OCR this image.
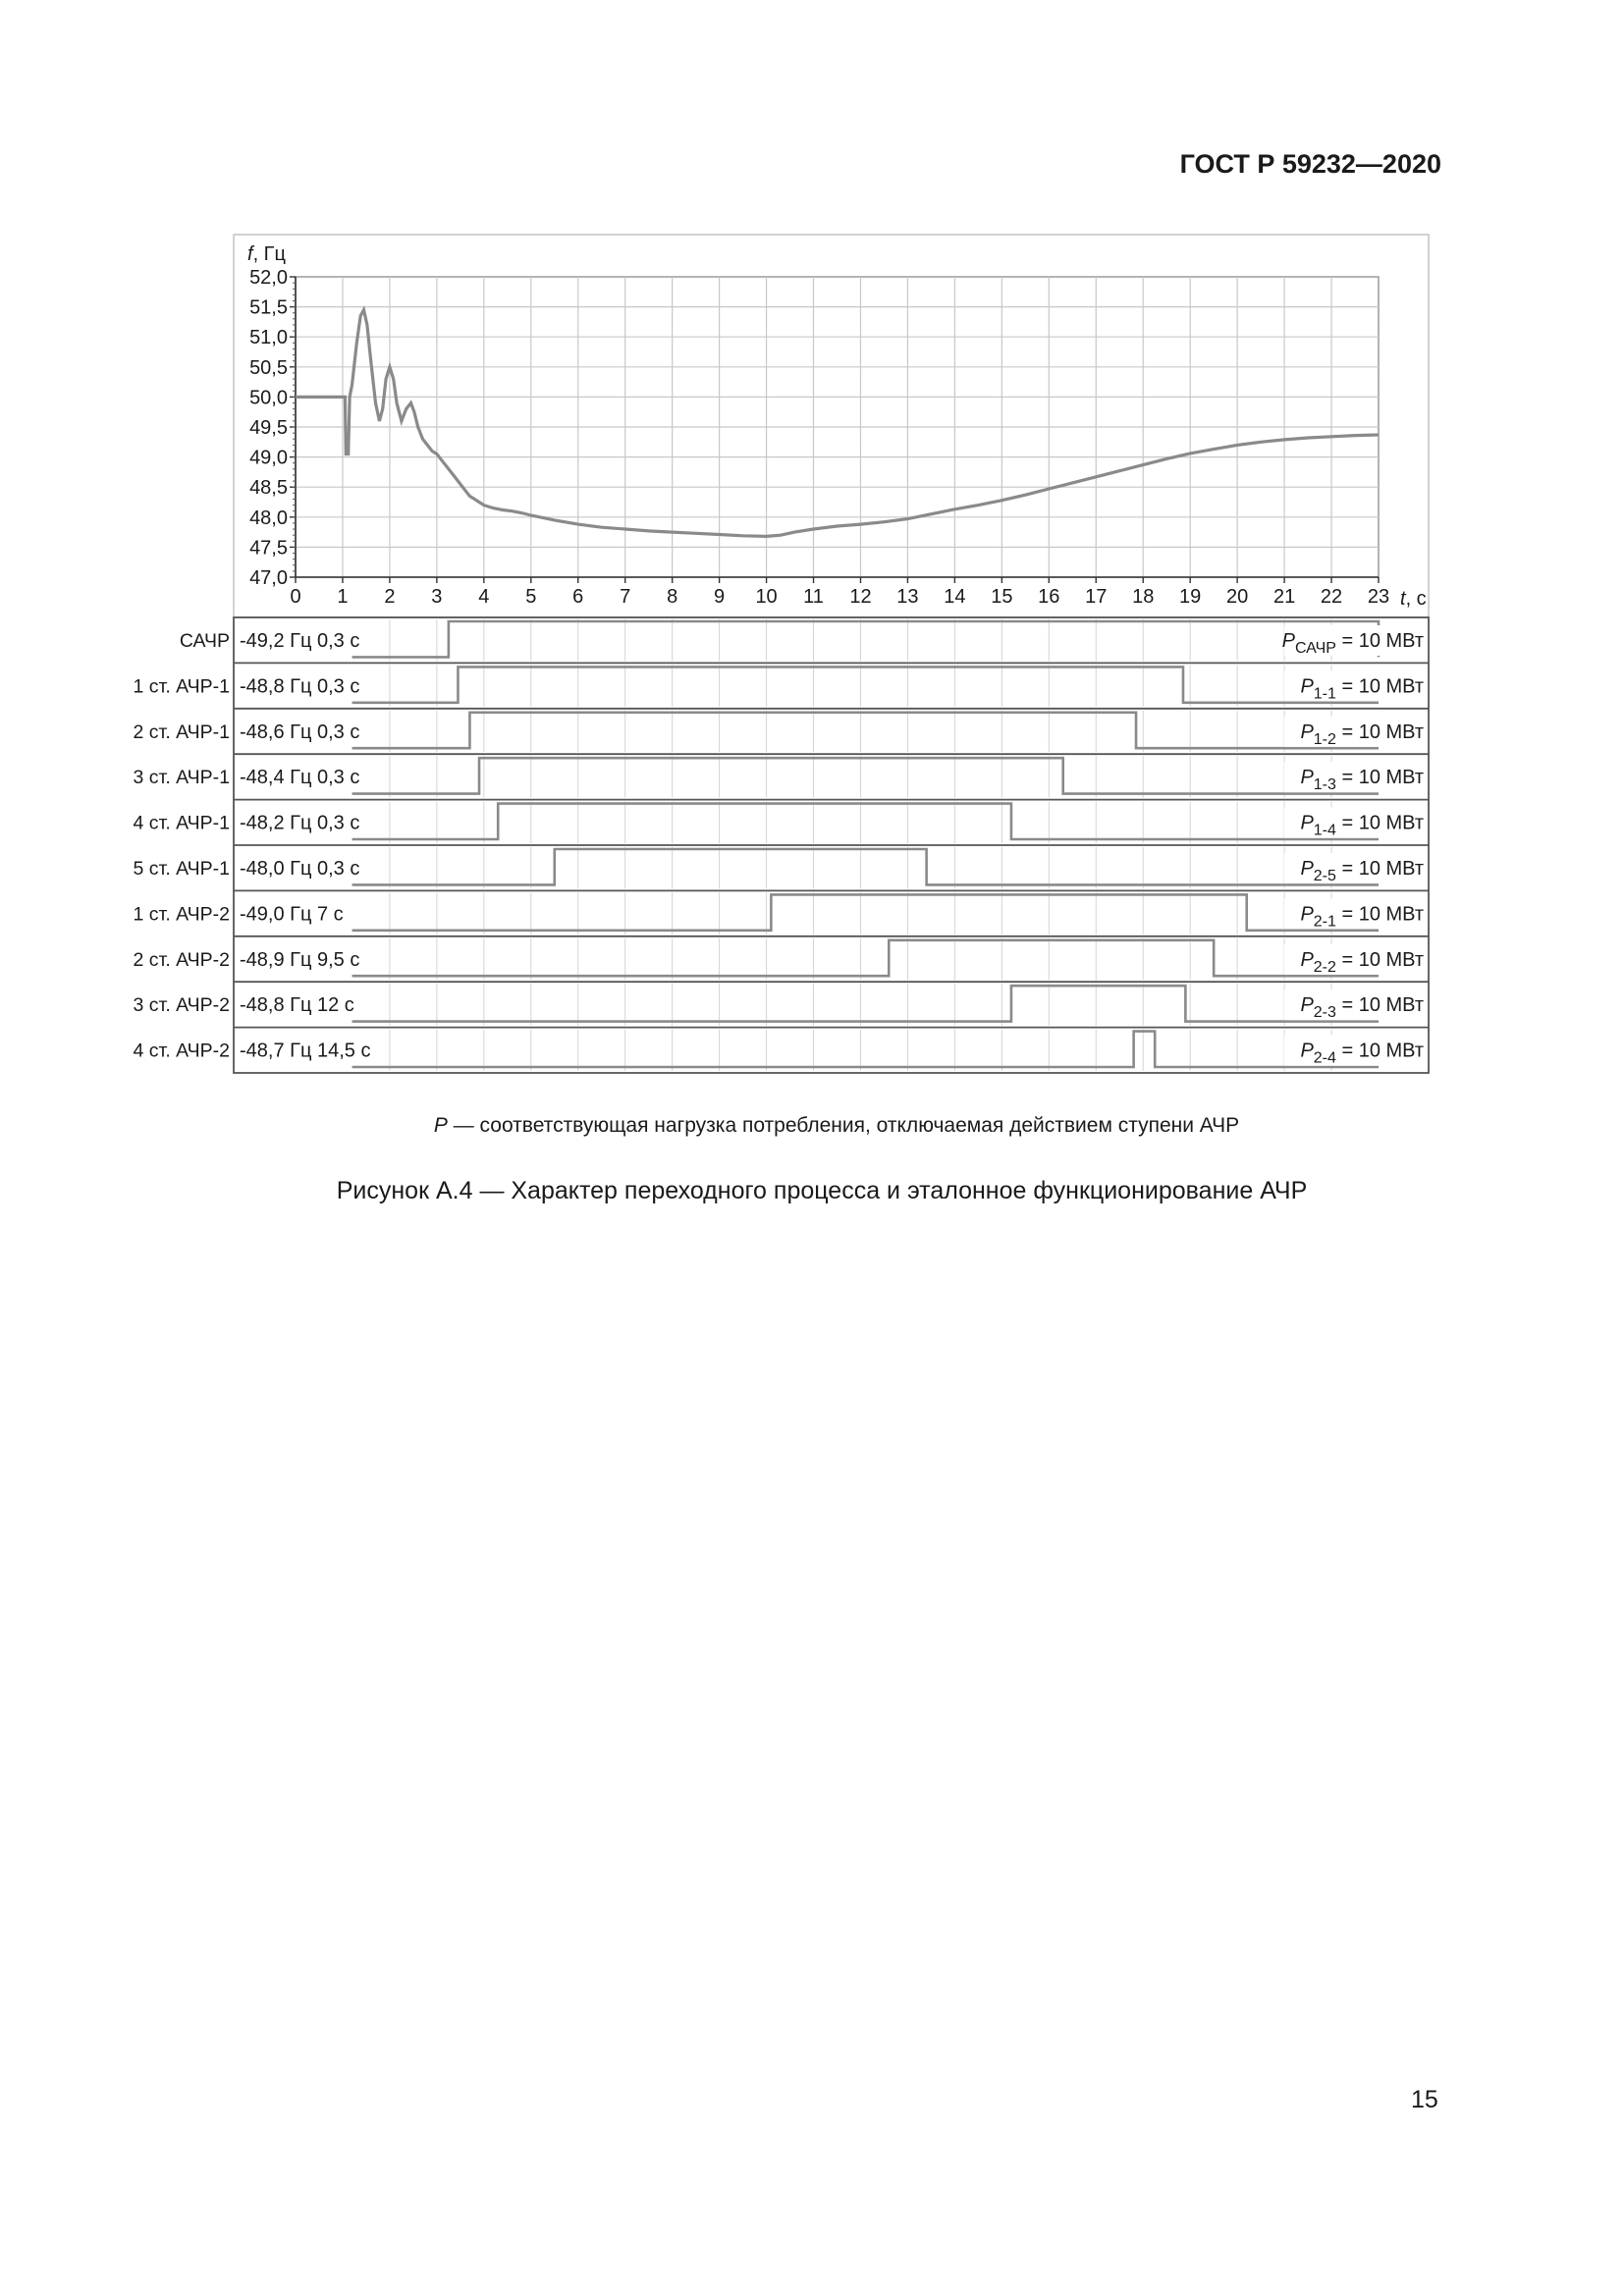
ГОСТ Р 59232—2020
52,0
51,5
51,0
50,5
50,0
49,5
49,0
48,5
48,0
47,5
47,0
0 1 2 3 4 5 6 7 8 9 10 11 12 13 14 15 16 17 18 19 20 21 22 23
f, Гц
t, с
САЧР -49,2 Гц 0,3 с	$P_{САЧР} = 10$ МВт
1 ст. АЧР-1 -48,8 Гц 0,3 с	$P_{1-1} = 10$ МВт
2 ст. АЧР-1 -48,6 Гц 0,3 с	$P_{1-2} = 10$ МВт
3 ст. АЧР-1 -48,4 Гц 0,3 с	$P_{1-3} = 10$ МВт
4 ст. АЧР-1 -48,2 Гц 0,3 с	$P_{1-4} = 10$ МВт
5 ст. АЧР-1 -48,0 Гц 0,3 с	$P_{2-5} = 10$ МВт
1 ст. АЧР-2 -49,0 Гц 7 с	$P_{2-1} = 10$ МВт
2 ст. АЧР-2 -48,9 Гц 9,5 с	$P_{2-2} = 10$ МВт
3 ст. АЧР-2 -48,8 Гц 12 с	$P_{2-3} = 10$ МВт
4 ст. АЧР-2 -48,7 Гц 14,5 с	$P_{2-4} = 10$ МВт
P — соответствующая нагрузка потребления, отключаемая действием ступени АЧР
Рисунок А.4 — Характер переходного процесса и эталонное функционирование АЧР
15
